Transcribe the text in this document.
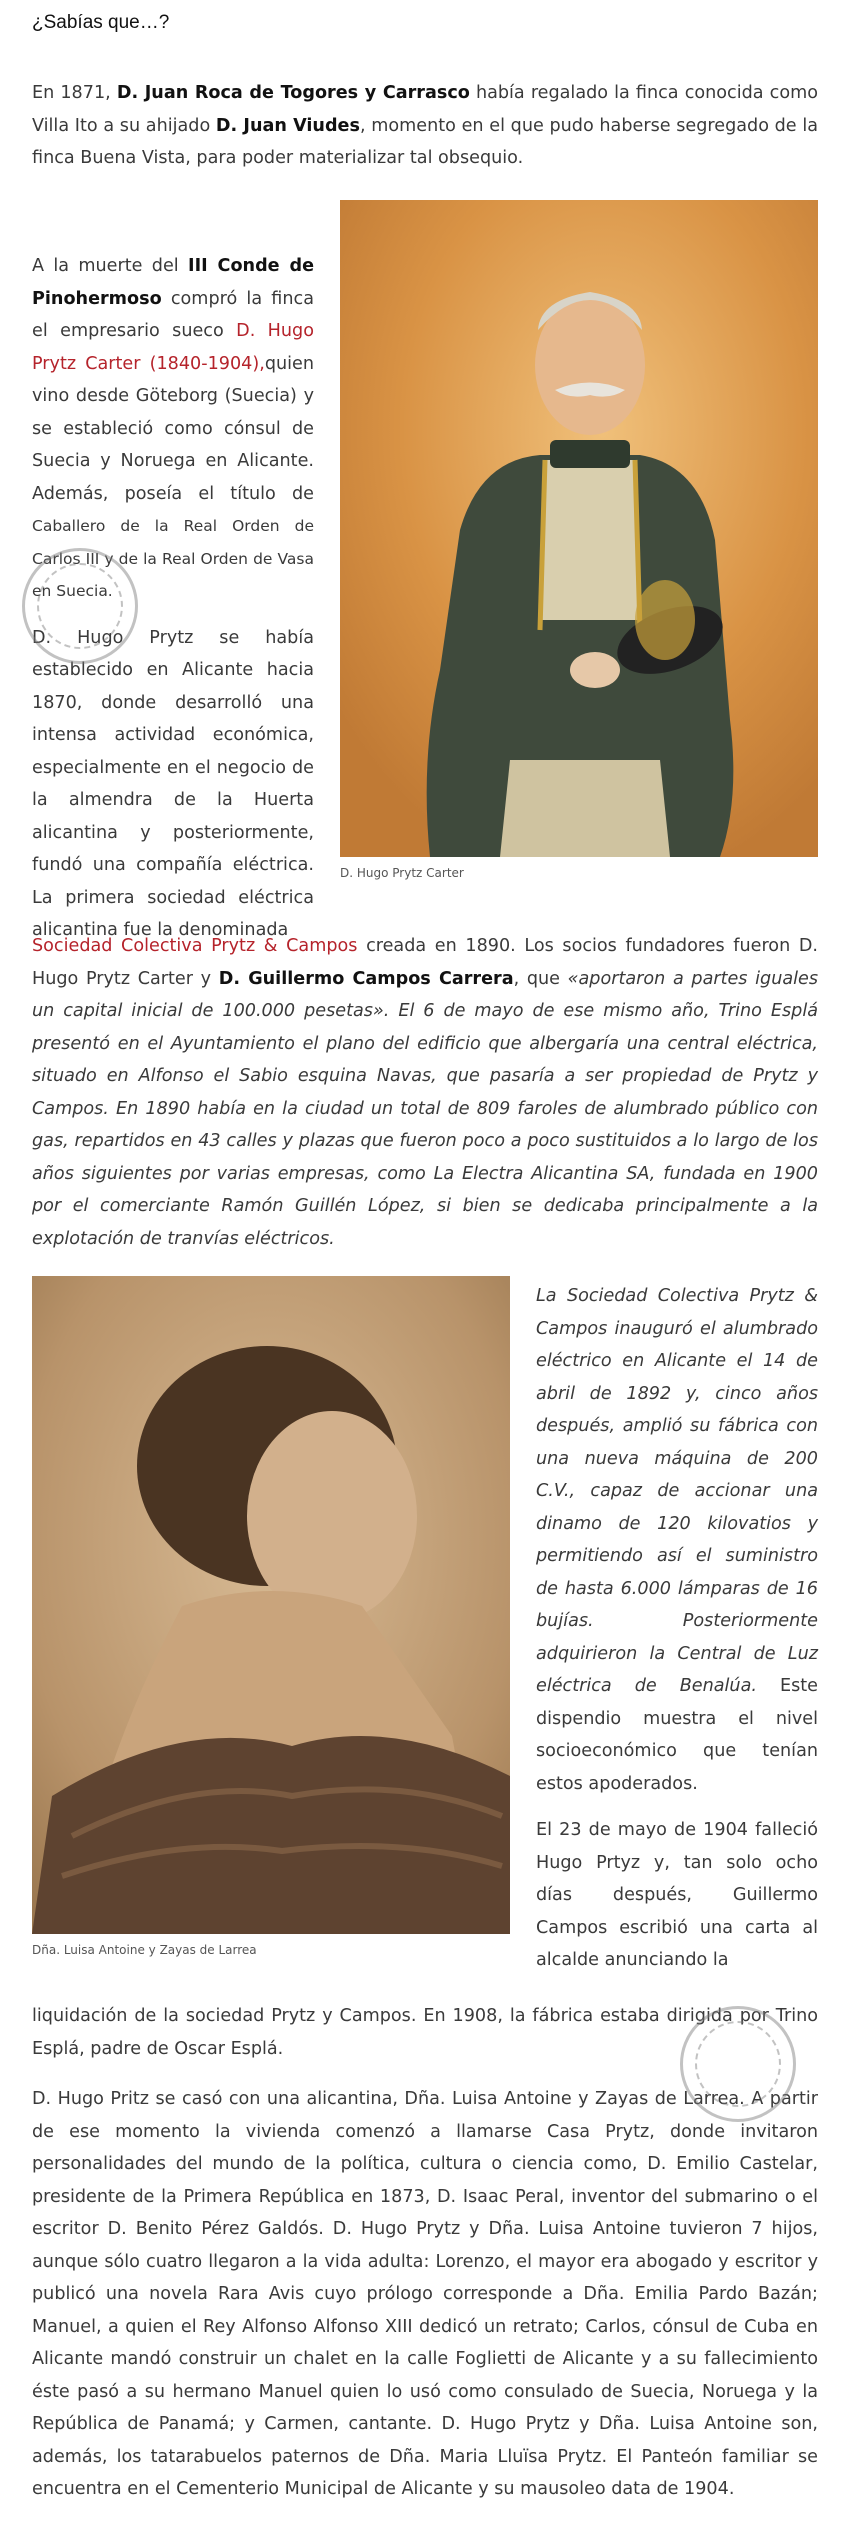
¿Sabías que…?

En 1871, D. Juan Roca de Togores y Carrasco había regalado la finca conocida como Villa Ito a su ahijado D. Juan Viudes, momento en el que pudo haberse segregado de la finca Buena Vista, para poder materializar tal obsequio.

D. Hugo Prytz Carter

A la muerte del III Conde de Pinohermoso compró la finca el empresario sueco D. Hugo Prytz Carter (1840-1904),quien vino desde Göteborg (Suecia) y se estableció como cónsul de Suecia y Noruega en Alicante. Además, poseía el título de Caballero de la Real Orden de Carlos III y de la Real Orden de Vasa en Suecia.

D. Hugo Prytz se había establecido en Alicante hacia 1870, donde desarrolló una intensa actividad económica, especialmente en el negocio de la almendra de la Huerta alicantina y posteriormente, fundó una compañía eléctrica. La primera sociedad eléctrica alicantina fue la denominada

Sociedad Colectiva Prytz & Campos creada en 1890. Los socios fundadores fueron D. Hugo Prytz Carter y D. Guillermo Campos Carrera, que «aportaron a partes iguales un capital inicial de 100.000 pesetas». El 6 de mayo de ese mismo año, Trino Esplá presentó en el Ayuntamiento el plano del edificio que albergaría una central eléctrica, situado en Alfonso el Sabio esquina Navas, que pasaría a ser propiedad de Prytz y Campos. En 1890 había en la ciudad un total de 809 faroles de alumbrado público con gas, repartidos en 43 calles y plazas que fueron poco a poco sustituidos a lo largo de los años siguientes por varias empresas, como La Electra Alicantina SA, fundada en 1900 por el comerciante Ramón Guillén López, si bien se dedicaba principalmente a la explotación de tranvías eléctricos.

Dña. Luisa Antoine y Zayas de Larrea

La Sociedad Colectiva Prytz & Campos inauguró el alumbrado eléctrico en Alicante el 14 de abril de 1892 y, cinco años después, amplió su fábrica con una nueva máquina de 200 C.V., capaz de accionar una dinamo de 120 kilovatios y permitiendo así el suministro de hasta 6.000 lámparas de 16 bujías. Posteriormente adquirieron la Central de Luz eléctrica de Benalúa. Este dispendio muestra el nivel socioeconómico que tenían estos apoderados.

El 23 de mayo de 1904 falleció Hugo Prtyz y, tan solo ocho días después, Guillermo Campos escribió una carta al alcalde anunciando la

liquidación de la sociedad Prytz y Campos. En 1908, la fábrica estaba dirigida por Trino Esplá, padre de Oscar Esplá.

D. Hugo Pritz se casó con una alicantina, Dña. Luisa Antoine y Zayas de Larrea. A partir de ese momento la vivienda comenzó a llamarse Casa Prytz, donde invitaron personalidades del mundo de la política, cultura o ciencia como, D. Emilio Castelar, presidente de la Primera República en 1873, D. Isaac Peral, inventor del submarino o el escritor D. Benito Pérez Galdós. D. Hugo Prytz y Dña. Luisa Antoine tuvieron 7 hijos, aunque sólo cuatro llegaron a la vida adulta: Lorenzo, el mayor era abogado y escritor y publicó una novela Rara Avis cuyo prólogo corresponde a Dña. Emilia Pardo Bazán; Manuel, a quien el Rey Alfonso Alfonso XIII dedicó un retrato; Carlos, cónsul de Cuba en Alicante mandó construir un chalet en la calle Foglietti de Alicante y a su fallecimiento éste pasó a su hermano Manuel quien lo usó como consulado de Suecia, Noruega y la República de Panamá; y Carmen, cantante. D. Hugo Prytz y Dña. Luisa Antoine son, además, los tatarabuelos paternos de Dña. Maria Lluïsa Prytz. El Panteón familiar se encuentra en el Cementerio Municipal de Alicante y su mausoleo data de 1904.
